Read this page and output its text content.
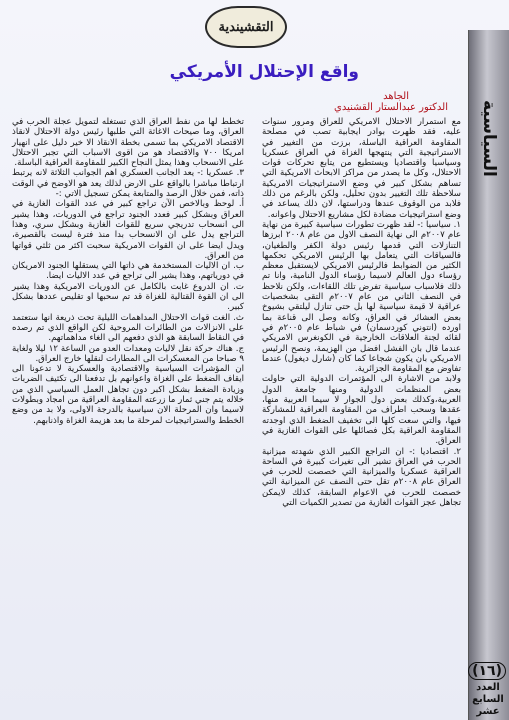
التقشيندية
واقع الإحتلال الأمريكي
السياسية
(١٦)
العدد
السابع
عشر

الجاهد

الدكتور عبدالستار القشنيدي

مع استمرار الاحتلال الامريكي للعراق ومرور سنوات عليه، فقد ظهرت بوادر ايجابية تصب في مصلحة المقاومة العراقية الباسلة، برزت من التغيير في الاستراتيجية التي ينتهجها الغزاة في العراق عسكريا وسياسيا واقتصاديا ويستطيع من يتابع تحركات قوات الاحتلال، وكل ما يصدر من مراكز الابحاث الامريكية التي تساهم بشكل كبير في وضع الاستراتيجيات الامريكية سلاحظة تلك التغيير بدون تحليل، ولكن بالرغم من ذلك فلابد من الوقوف عندها ودراستها، لان ذلك يساعد في وضع استراتيجيات مضادة لكل مشاريع الاحتلال واعوانه.

١. سياسيا :- لقد ظهرت تطورات سياسية كبيرة من نهاية عام ٢٠٠٧م الى نهاية النصف الاول من عام ٢٠٠٨ ابرزها التنازلات التي قدمها رئيس دولة الكفر والطغيان، فالسياقات التي يتعامل بها الرئيس الامريكي تحكمها الكثير من الضوابط فالرئيس الامريكي لايستقبل معظم رؤساء دول العالم لاسيما رؤساء الدول النامية، وانا تم ذلك فلاسباب سياسية تفرض تلك اللقاءات، ولكن نلاحظ في النصف الثاني من عام ٢٠٠٧م التقى بشخصيات عراقية لا قيمة سياسية لها بل حتى تنازل ليلتقي بشيوخ بعض العشائر في العراق، وكانه وصل الى قناعة بما اورده (انتوني كوردسمان) في شباط عام ٢٠٠٥م في لقائه لجنة العلاقات الخارجية في الكونغرس الامريكي عندما قال بان الفشل افضل من الهزيمة، ونصح الرئيس الامريكي بان يكون شجاعا كما كان (شارل ديغول) عندما تفاوض مع المقاومة الجزائرية.

ولابد من الاشارة الى المؤتمرات الدولية التي حاولت بعض المنظمات الدولية ومنها جامعة الدول العربية،وكذلك بعض دول الجوار لا سيما العربية منها، عقدها وسحب اطراف من المقاومة العراقية للمشاركة فيها، والتي سعت كلها الى تخفيف الضغط الذي اوجدته المقاومة العراقية بكل فصائلها على القوات الغازية في العراق.

٢. اقتصاديا :- ان التراجع الكبير الذي شهدته ميزانية الحرب في العراق تشير الى تغيرات كبيرة في الساحة العراقية عسكريا والميزانية التي خصصت للحرب في العراق عام ٢٠٠٨م تقل حتى النصف عن الميزانية التي خصصت للحرب في الاعوام السابقة، كذلك لايمكن تجاهل عجز القوات الغازية من تصدير الكميات التي

تخطط لها من نفط العراق الذي تستغله لتمويل عجلة الحرب في العراق، وما صيحات الاغاثة التي طلبها رئيس دولة الاحتلال لانقاذ الاقتصاد الامريكي بما تسمى بخطة الانقاذ الا خير دليل على انهيار امريكا ٧٠٠ والاقتصاد هو من اقوى الاسباب التي تجبر الاحتلال على الانسحاب وهذا يمثل النجاح الكبير للمقاومة العراقية الباسلة.

٣. عسكريا :- يعد الجانب العسكري اهم الجوانب الثلاثة لانه يرتبط ارتباطا مباشرا بالواقع على الارض لذلك يعد هو الاوضح في الوقت ذاته، فمن خلال الرصد والمتابعة يمكن تسجيل الاتي :-

أ. لوحظ وبالاخص الآن تراجع كبير في عدد القوات الغازية في العراق وبشكل كبير فعدد الجنود تراجع في الدوريات، وهذا يشير الى انسحاب تدريجي سريع للقوات الغازية وبشكل سري، وهذا التراجع يدل على ان الانسحاب بدا منذ فترة ليست بالقصيرة، ويدل ايضا على ان القوات الامريكية سحبت اكثر من ثلثي قواتها من العراق.

ب. ان الاليات المستخدمة هي ذاتها التي يستقلها الجنود الامريكان في دورياتهم، وهذا يشير الى تراجع في عدد الاليات ايضا.

ت. ان الدروع غابت بالكامل عن الدوريات الامريكية وهذا يشير الى ان القوة القتالية للغزاة قد تم سحبها او تقليص عددها بشكل كبير.

ث. الغت قوات الاحتلال المداهمات الليلية تحت ذريعة انها ستعتمد على الانزالات من الطائرات المروحية لكن الواقع الذي تم رصده في النقاط السابقة هو الذي دفعهم الى الغاء مداهماتهم.

ج. هناك حركة نقل لاليات ومعدات العدو من الساعة ١٢ ليلا ولغاية ٩ صباحا من المعسكرات الى المطارات لنقلها خارج العراق.

ان المؤشرات السياسية والاقتصادية والعسكرية لا تدعونا الى ايقاف الضغط على الغزاة واعوانهم بل تدفعنا الى تكثيف الضربات وزيادة الضغط بشكل اكبر دون تجاهل العمل السياسي الذي من خلاله يتم جني ثمار ما زرعته المقاومة العراقية من امجاد وبطولات لاسيما وان المرحلة الان سياسية بالدرجة الاولى، ولا بد من وضع الخطط والستراتيجيات لمرحلة ما بعد هزيمة الغزاة واذنابهم.
